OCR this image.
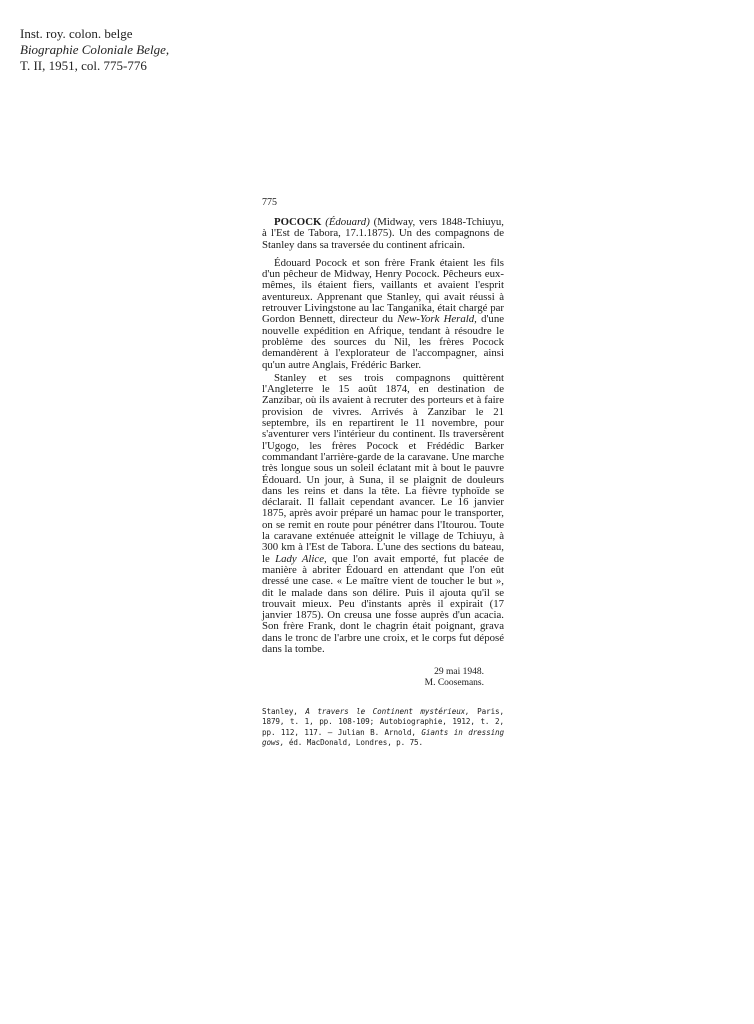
Inst. roy. colon. belge
Biographie Coloniale Belge,
T. II, 1951, col. 775-776
775

POCOCK (Édouard) (Midway, vers 1848-Tchiuyu, à l'Est de Tabora, 17.1.1875). Un des compagnons de Stanley dans sa traversée du continent africain.

Édouard Pocock et son frère Frank étaient les fils d'un pêcheur de Midway, Henry Pocock. Pêcheurs eux-mêmes, ils étaient fiers, vaillants et avaient l'esprit aventureux. Apprenant que Stanley, qui avait réussi à retrouver Livingstone au lac Tanganika, était chargé par Gordon Bennett, directeur du New-York Herald, d'une nouvelle expédition en Afrique, tendant à résoudre le problème des sources du Nil, les frères Pocock demandèrent à l'explorateur de l'accompagner, ainsi qu'un autre Anglais, Frédéric Barker.

Stanley et ses trois compagnons quittèrent l'Angleterre le 15 août 1874, en destination de Zanzibar, où ils avaient à recruter des porteurs et à faire provision de vivres. Arrivés à Zanzibar le 21 septembre, ils en repartirent le 11 novembre, pour s'aventurer vers l'intérieur du continent. Ils traversèrent l'Ugogo, les frères Pocock et Frédédic Barker commandant l'arrière-garde de la caravane. Une marche très longue sous un soleil éclatant mit à bout le pauvre Édouard. Un jour, à Suna, il se plaignit de douleurs dans les reins et dans la tête. La fièvre typhoïde se déclarait. Il fallait cependant avancer. Le 16 janvier 1875, après avoir préparé un hamac pour le transporter, on se remit en route pour pénétrer dans l'Itourou. Toute la caravane exténuée atteignit le village de Tchiuyu, à 300 km à l'Est de Tabora. L'une des sections du bateau, le Lady Alice, que l'on avait emporté, fut placée de manière à abriter Édouard en attendant que l'on eût dressé une case. « Le maître vient de toucher le but », dit le malade dans son délire. Puis il ajouta qu'il se trouvait mieux. Peu d'instants après il expirait (17 janvier 1875). On creusa une fosse auprès d'un acacia. Son frère Frank, dont le chagrin était poignant, grava dans le tronc de l'arbre une croix, et le corps fut déposé dans la tombe.

29 mai 1948.
M. Coosemans.
Stanley, A travers le Continent mystérieux, Paris, 1879, t. 1, pp. 108-109; Autobiographie, 1912, t. 2, pp. 112, 117. — Julian B. Arnold, Giants in dressing gows, éd. MacDonald, Londres, p. 75.
